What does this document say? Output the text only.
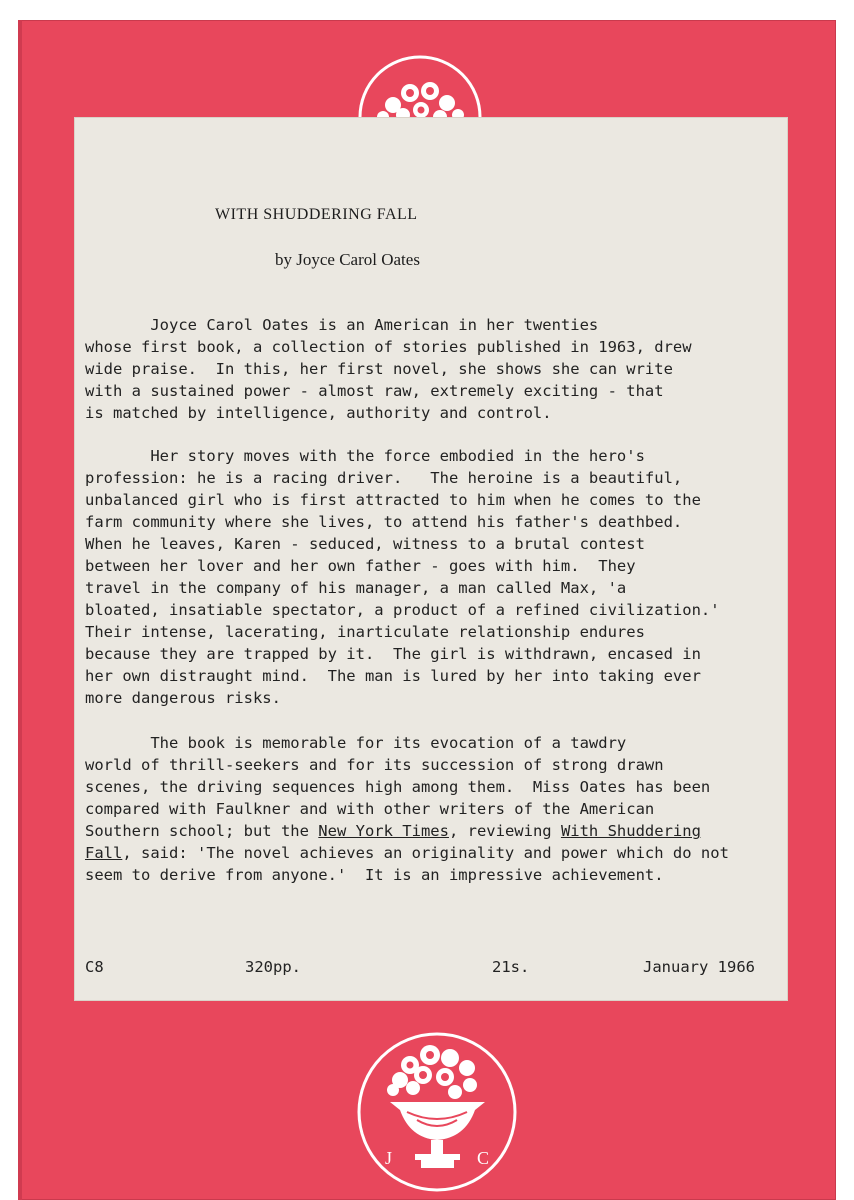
J	C
WITH SHUDDERING FALL
by Joyce Carol Oates
Joyce Carol Oates is an American in her twenties
whose first book, a collection of stories published in 1963, drew
wide praise.  In this, her first novel, she shows she can write
with a sustained power - almost raw, extremely exciting - that
is matched by intelligence, authority and control.
Her story moves with the force embodied in the hero's
profession: he is a racing driver.   The heroine is a beautiful,
unbalanced girl who is first attracted to him when he comes to the
farm community where she lives, to attend his father's deathbed.
When he leaves, Karen - seduced, witness to a brutal contest
between her lover and her own father - goes with him.  They
travel in the company of his manager, a man called Max, 'a
bloated, insatiable spectator, a product of a refined civilization.'
Their intense, lacerating, inarticulate relationship endures
because they are trapped by it.  The girl is withdrawn, encased in
her own distraught mind.  The man is lured by her into taking ever
more dangerous risks.
The book is memorable for its evocation of a tawdry
world of thrill-seekers and for its succession of strong drawn
scenes, the driving sequences high among them.  Miss Oates has been
compared with Faulkner and with other writers of the American
Southern school; but the New York Times, reviewing With Shuddering
Fall, said: 'The novel achieves an originality and power which do not
seem to derive from anyone.'  It is an impressive achievement.
C8	320pp.	21s.	January 1966
